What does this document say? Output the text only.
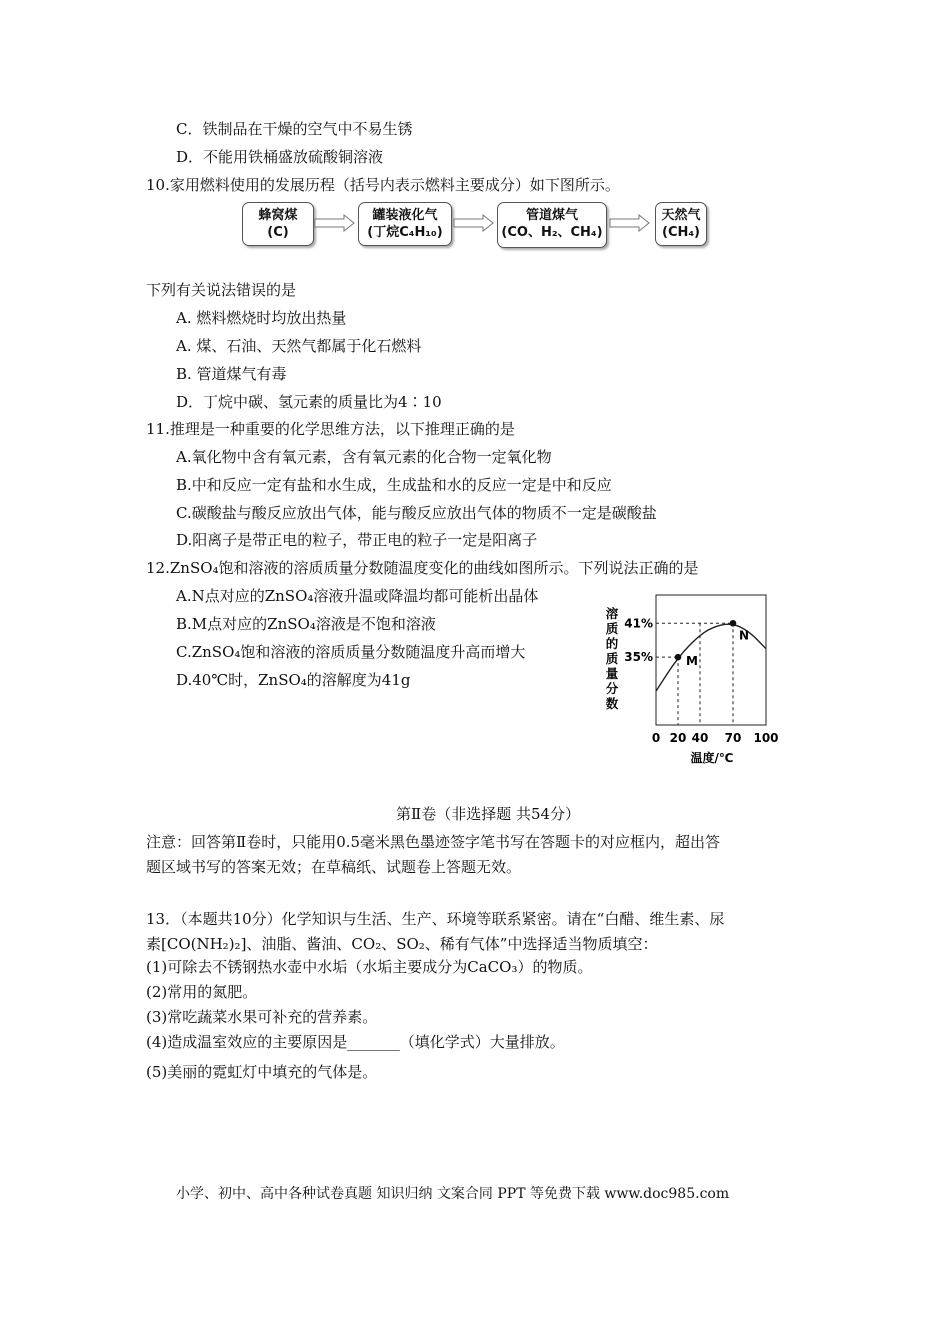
C．铁制品在干燥的空气中不易生锈
D．不能用铁桶盛放硫酸铜溶液
10.家用燃料使用的发展历程（括号内表示燃料主要成分）如下图所示。
蜂窝煤
(C)
罐装液化气
(丁烷C₄H₁₀)
管道煤气
(CO、H₂、CH₄)
天然气
(CH₄)
下列有关说法错误的是
A. 燃料燃烧时均放出热量
A. 煤、石油、天然气都属于化石燃料
B. 管道煤气有毒
D．丁烷中碳、氢元素的质量比为4∶10
11.推理是一种重要的化学思维方法，以下推理正确的是
A.氧化物中含有氧元素，含有氧元素的化合物一定氧化物
B.中和反应一定有盐和水生成，生成盐和水的反应一定是中和反应
C.碳酸盐与酸反应放出气体，能与酸反应放出气体的物质不一定是碳酸盐
D.阳离子是带正电的粒子，带正电的粒子一定是阳离子
12.ZnSO₄饱和溶液的溶质质量分数随温度变化的曲线如图所示。下列说法正确的是
A.N点对应的ZnSO₄溶液升温或降温均都可能析出晶体
B.M点对应的ZnSO₄溶液是不饱和溶液
C.ZnSO₄饱和溶液的溶质质量分数随温度升高而增大
D.40℃时，ZnSO₄的溶解度为41g
溶
质
的
质
量
分
数
41%
35%
0 20 40 70 100
M
N
温度/℃
第Ⅱ卷（非选择题 共54分）
注意：回答第Ⅱ卷时，只能用0.5毫米黑色墨迹签字笔书写在答题卡的对应框内，超出答
题区域书写的答案无效；在草稿纸、试题卷上答题无效。
13．（本题共10分）化学知识与生活、生产、环境等联系紧密。请在“白醋、维生素、尿
素[CO(NH₂)₂]、油脂、酱油、CO₂、SO₂、稀有气体”中选择适当物质填空：
(1)可除去不锈钢热水壶中水垢（水垢主要成分为CaCO₃）的物质。
(2)常用的氮肥。
(3)常吃蔬菜水果可补充的营养素。
(4)造成温室效应的主要原因是_______（填化学式）大量排放。
(5)美丽的霓虹灯中填充的气体是。
小学、初中、高中各种试卷真题 知识归纳 文案合同 PPT 等免费下载 www.doc985.com
